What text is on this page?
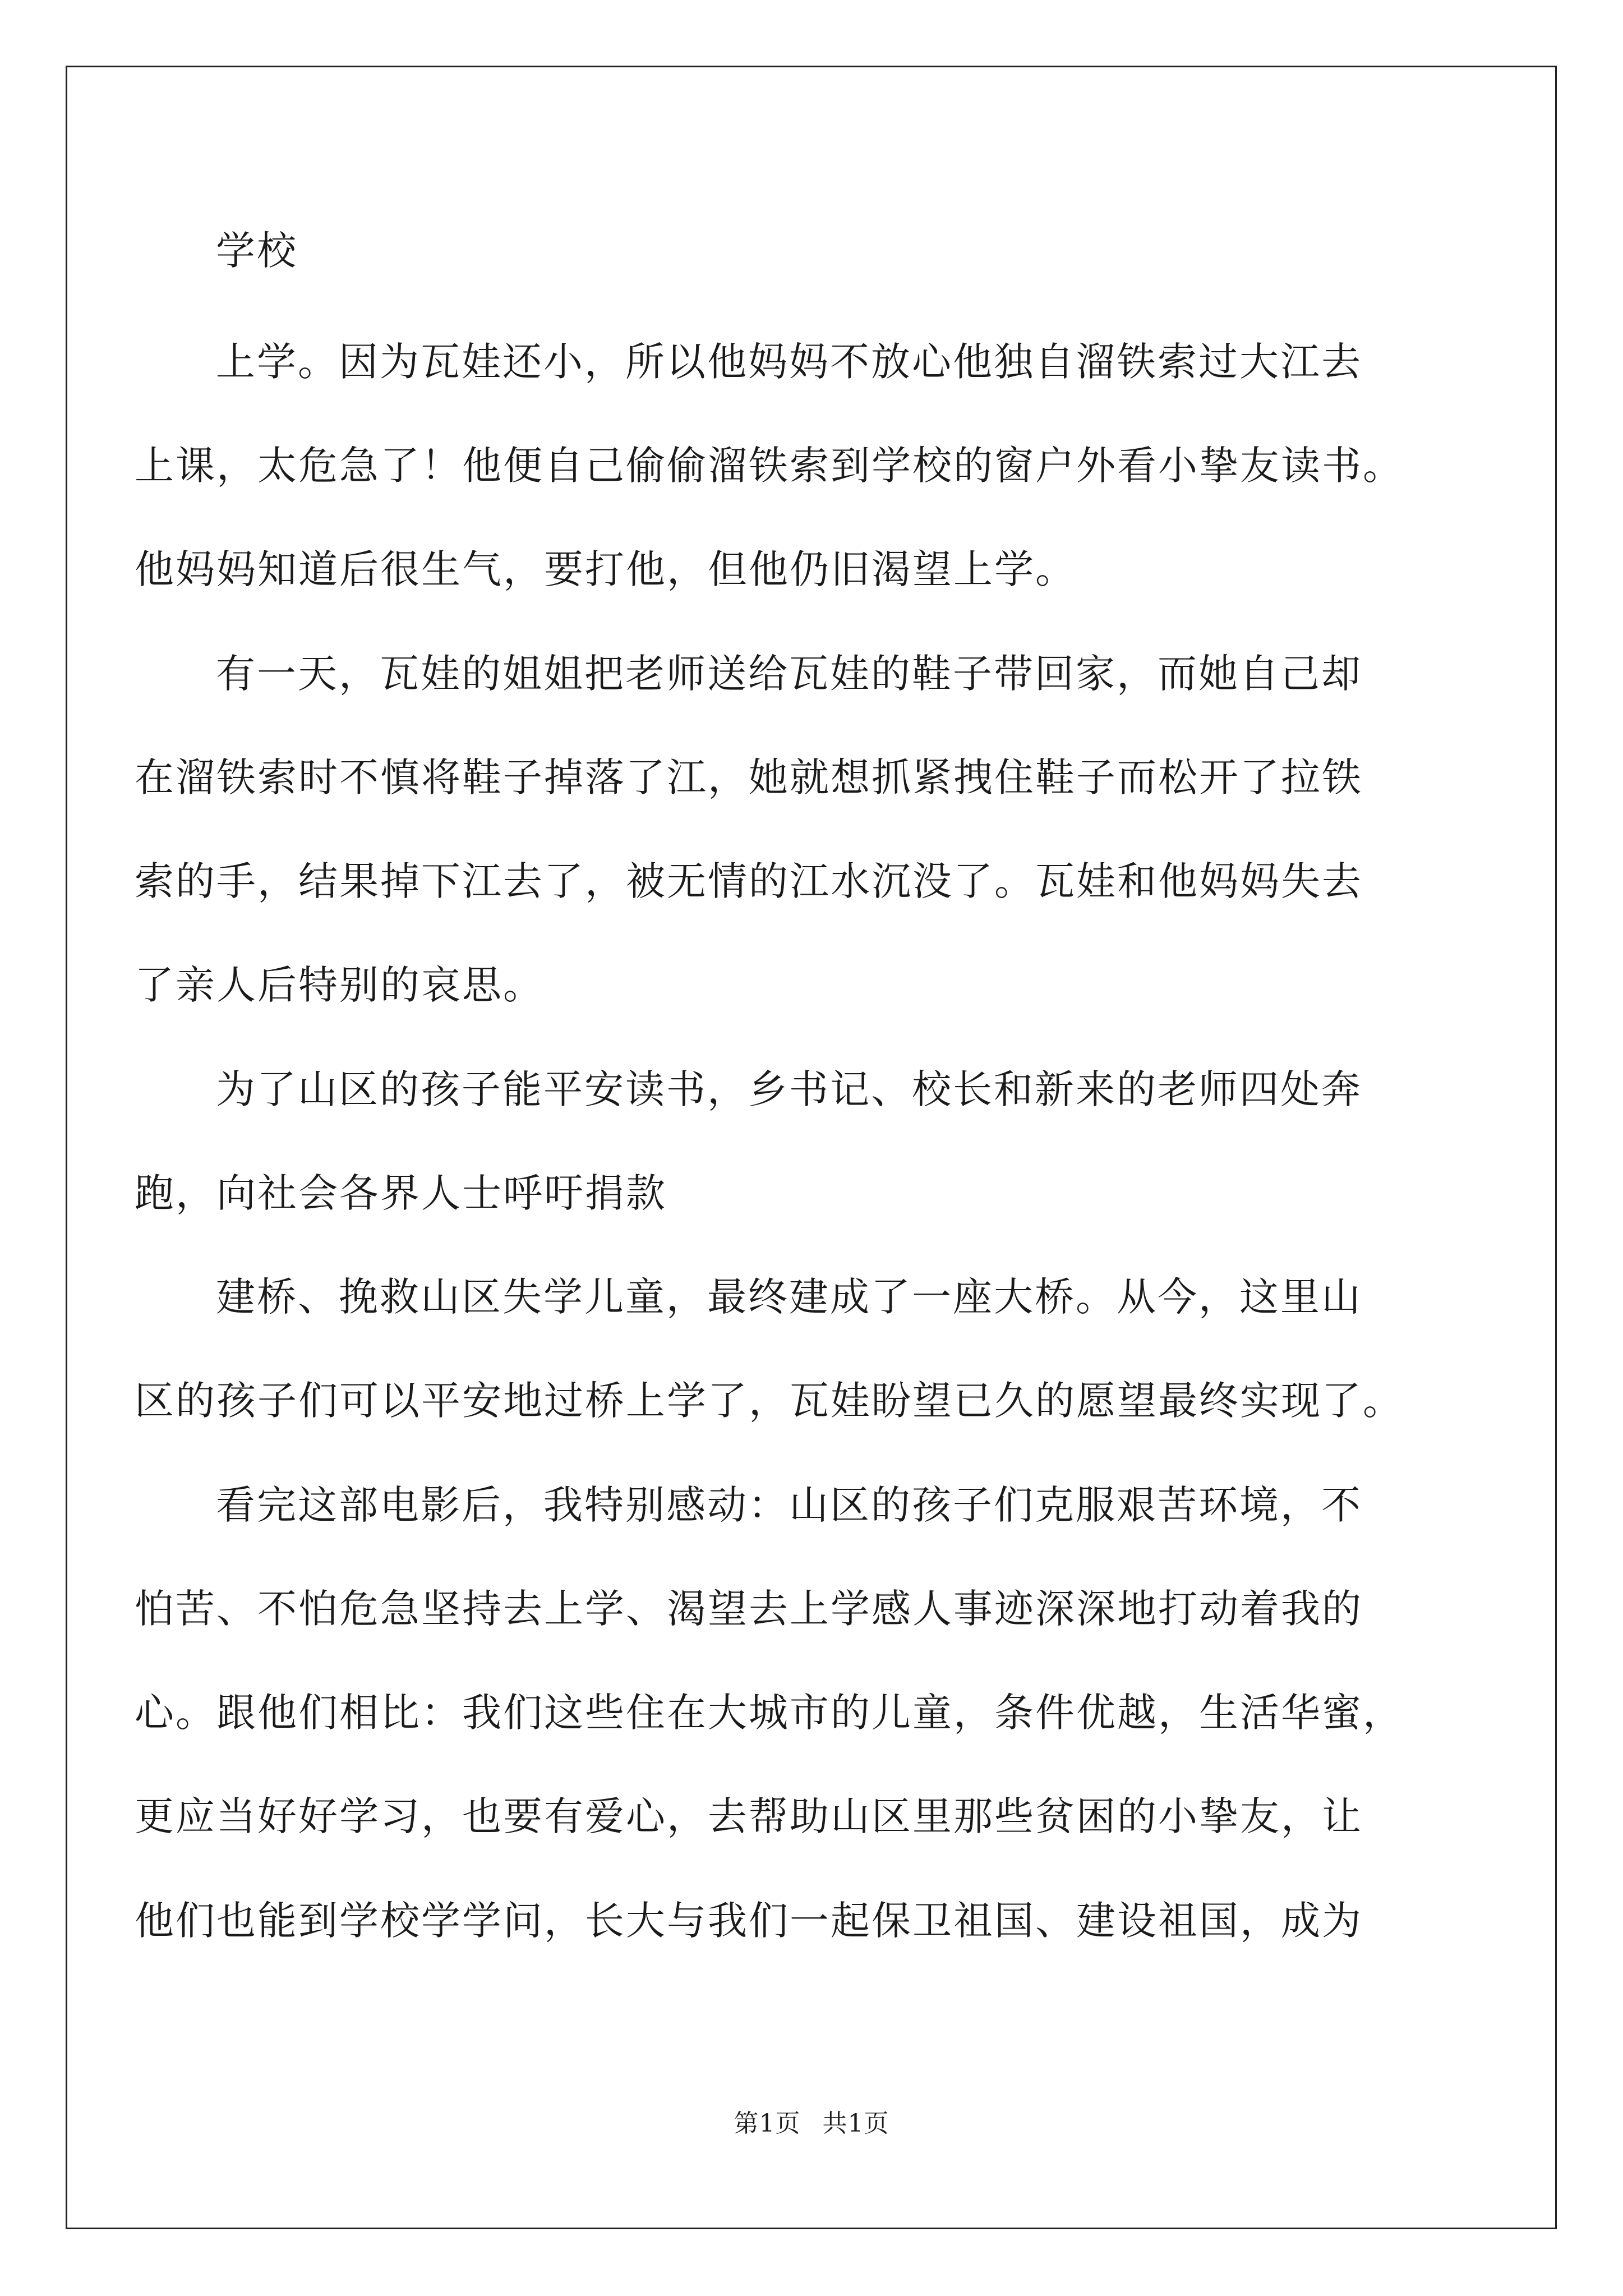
学校
上学。因为瓦娃还小，所以他妈妈不放心他独自溜铁索过大江去
上课，太危急了！他便自己偷偷溜铁索到学校的窗户外看小挚友读书。
他妈妈知道后很生气，要打他，但他仍旧渴望上学。
有一天，瓦娃的姐姐把老师送给瓦娃的鞋子带回家，而她自己却
在溜铁索时不慎将鞋子掉落了江，她就想抓紧拽住鞋子而松开了拉铁
索的手，结果掉下江去了，被无情的江水沉没了。瓦娃和他妈妈失去
了亲人后特别的哀思。
为了山区的孩子能平安读书，乡书记、校长和新来的老师四处奔
跑，向社会各界人士呼吁捐款
建桥、挽救山区失学儿童，最终建成了一座大桥。从今，这里山
区的孩子们可以平安地过桥上学了，瓦娃盼望已久的愿望最终实现了。
看完这部电影后，我特别感动：山区的孩子们克服艰苦环境，不
怕苦、不怕危急坚持去上学、渴望去上学感人事迹深深地打动着我的
心。跟他们相比：我们这些住在大城市的儿童，条件优越，生活华蜜，
更应当好好学习，也要有爱心，去帮助山区里那些贫困的小挚友，让
他们也能到学校学学问，长大与我们一起保卫祖国、建设祖国，成为
第1页 共1页
